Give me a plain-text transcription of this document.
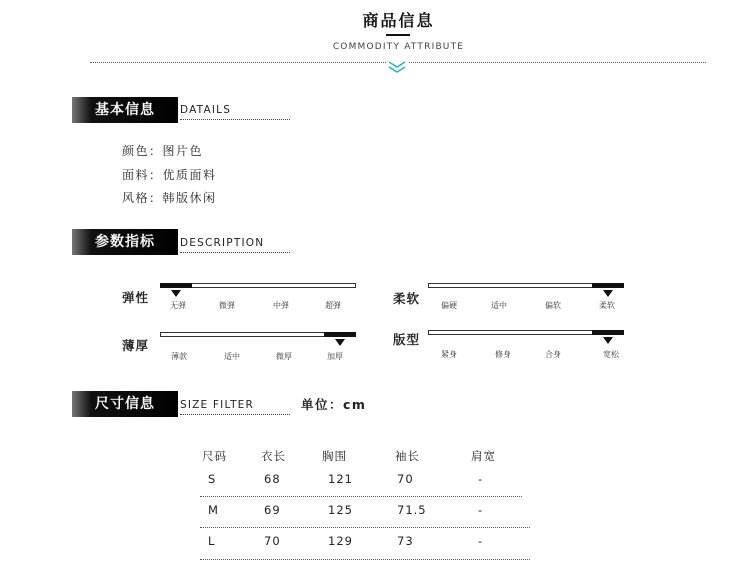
商品信息
COMMODITY ATTRIBUTE
基本信息	DATAILS
颜色 ： 图片色
面料 ： 优质面料
风格 ： 韩版休闲
参数指标	DESCRIPTION
弹性
无弹	微弹	中弹	超弹	柔软	偏硬	适中	偏软	柔软
薄厚
薄款	适中	微厚	加厚
版型
紧身	修身	合身	宽松
尺寸信息	SIZE FILTER	单位：cm
尺码	衣长	胸围	袖长	肩宽
S	68	121	70	-
M	69	125	71.5	-
L	70	129	73	-
